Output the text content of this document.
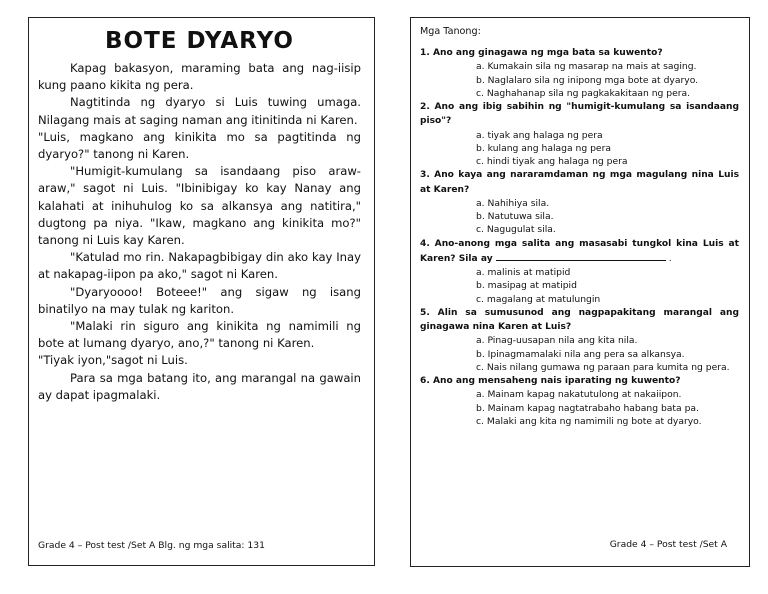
BOTE DYARYO

Kapag bakasyon, maraming bata ang nag-iisip kung paano kikita ng pera.

Nagtitinda ng dyaryo si Luis tuwing umaga. Nilagang mais at saging naman ang itinitinda ni Karen.

"Luis, magkano ang kinikita mo sa pagtitinda ng dyaryo?" tanong ni Karen.

"Humigit-kumulang sa isandaang piso araw-araw," sagot ni Luis. "Ibinibigay ko kay Nanay ang kalahati at inihuhulog ko sa alkansya ang natitira," dugtong pa niya. "Ikaw, magkano ang kinikita mo?" tanong ni Luis kay Karen.

"Katulad mo rin. Nakapagbibigay din ako kay Inay at nakapag-iipon pa ako," sagot ni Karen.

"Dyaryoooo! Boteee!" ang sigaw ng isang binatilyo na may tulak ng kariton.

"Malaki rin siguro ang kinikita ng namimili ng bote at lumang dyaryo, ano,?" tanong ni Karen.

"Tiyak iyon,"sagot ni Luis.

Para sa mga batang ito, ang marangal na gawain ay dapat ipagmalaki.

Grade 4 – Post test /Set A Blg. ng mga salita: 131
Mga Tanong:
1. Ano ang ginagawa ng mga bata sa kuwento?
a. Kumakain sila ng masarap na mais at saging.
b. Naglalaro sila ng inipong mga bote at dyaryo.
c. Naghahanap sila ng pagkakakitaan ng pera.
2. Ano ang ibig sabihin ng "humigit-kumulang sa isandaang piso"?
a. tiyak ang halaga ng pera
b. kulang ang halaga ng pera
c. hindi tiyak ang halaga ng pera
3. Ano kaya ang nararamdaman ng mga magulang nina Luis at Karen?
a. Nahihiya sila.
b. Natutuwa sila.
c. Nagugulat sila.
4. Ano-anong mga salita ang masasabi tungkol kina Luis at Karen? Sila ay	.
a. malinis at matipid
b. masipag at matipid
c. magalang at matulungin
5. Alin sa sumusunod ang nagpapakitang marangal ang ginagawa nina Karen at Luis?
a. Pinag-uusapan nila ang kita nila.
b. Ipinagmamalaki nila ang pera sa alkansya.
c. Nais nilang gumawa ng paraan para kumita ng pera.
6. Ano ang mensaheng nais iparating ng kuwento?
a. Mainam kapag nakatutulong at nakaiipon.
b. Mainam kapag nagtatrabaho habang bata pa.
c. Malaki ang kita ng namimili ng bote at dyaryo.
Grade 4 – Post test /Set A
